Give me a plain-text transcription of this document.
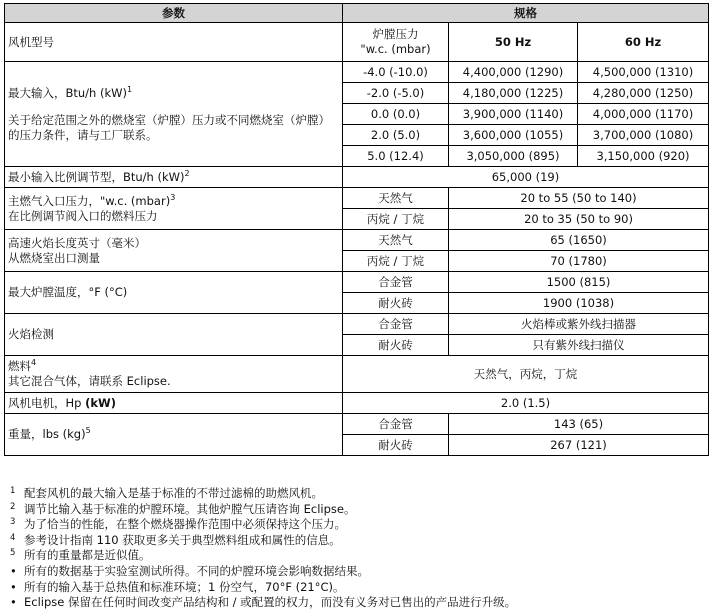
参数	规格		
风机型号	炉膛压力
"w.c. (mbar)	50 Hz	60 Hz
最大输入，Btu/h (kW)$^1$
关于给定范围之外的燃烧室（炉膛）压力或不同燃烧室（炉膛）的压力条件，请与工厂联系。	-4.0 (-10.0)	4,400,000 (1290)	4,500,000 (1310)
	-2.0 (-5.0)	4,180,000 (1225)	4,280,000 (1250)
	0.0 (0.0)	3,900,000 (1140)	4,000,000 (1170)
	2.0 (5.0)	3,600,000 (1055)	3,700,000 (1080)
	5.0 (12.4)	3,050,000 (895)	3,150,000 (920)
最小输入比例调节型，Btu/h (kW)$^2$	65,000 (19)		
主燃气入口压力，"w.c. (mbar)$^3$
在比例调节阀入口的燃料压力	天然气	20 to 55 (50 to 140)	
	丙烷 / 丁烷	20 to 35 (50 to 90)	

高速火焰长度英寸（毫米）
从燃烧室出口测量	天然气	65 (1650)	
	丙烷 / 丁烷	70 (1780)	
最大炉膛温度，°F (°C)	合金管	1500 (815)	
	耐火砖	1900 (1038)	
火焰检测	合金管	火焰棒或紫外线扫描器	
	耐火砖	只有紫外线扫描仪	
燃料$^4$
其它混合气体，请联系 Eclipse.	天然气，丙烷，丁烷		
风机电机，Hp (kW)	2.0 (1.5)		
重量，lbs (kg)$^5$	合金管	143 (65)	
	耐火砖	267 (121)	
1 配套风机的最大输入是基于标准的不带过滤棉的助燃风机。
2 调节比输入基于标准的炉膛环境。其他炉膛气压请咨询 Eclipse。
3 为了恰当的性能，在整个燃烧器操作范围中必须保持这个压力。
4 参考设计指南 110 获取更多关于典型燃料组成和属性的信息。
5 所有的重量都是近似值。
• 所有的数据基于实验室测试所得。不同的炉膛环境会影响数据结果。
• 所有的输入基于总热值和标准环境；1 份空气，70°F (21°C)。
• Eclipse 保留在任何时间改变产品结构和 / 或配置的权力，而没有义务对已售出的产品进行升级。
